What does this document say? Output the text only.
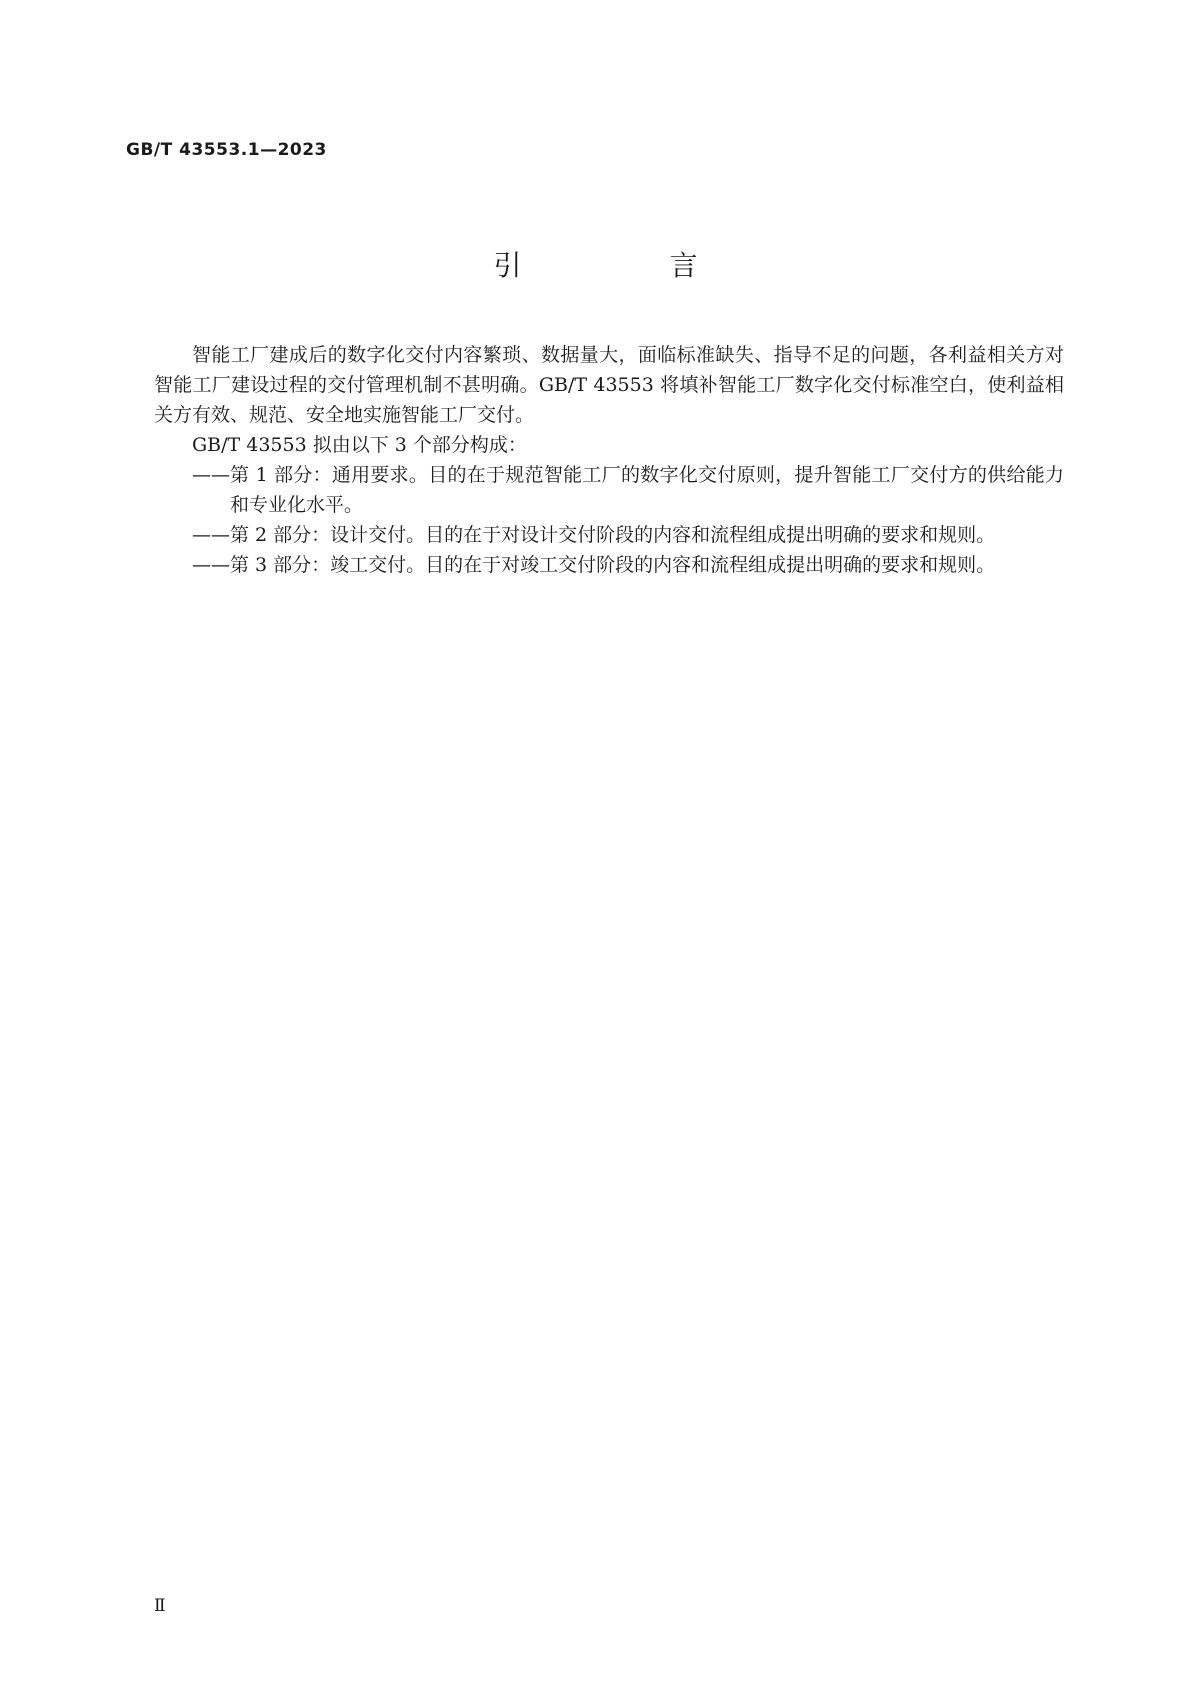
GB/T 43553.1—2023
引　言

智能工厂建成后的数字化交付内容繁琐、数据量大，面临标准缺失、指导不足的问题，各利益相关方对智能工厂建设过程的交付管理机制不甚明确。GB/T 43553 将填补智能工厂数字化交付标准空白，使利益相关方有效、规范、安全地实施智能工厂交付。

GB/T 43553 拟由以下 3 个部分构成：

—— 第 1 部分：通用要求。目的在于规范智能工厂的数字化交付原则，提升智能工厂交付方的供给能力和专业化水平。
—— 第 2 部分：设计交付。目的在于对设计交付阶段的内容和流程组成提出明确的要求和规则。
—— 第 3 部分：竣工交付。目的在于对竣工交付阶段的内容和流程组成提出明确的要求和规则。
Ⅱ
